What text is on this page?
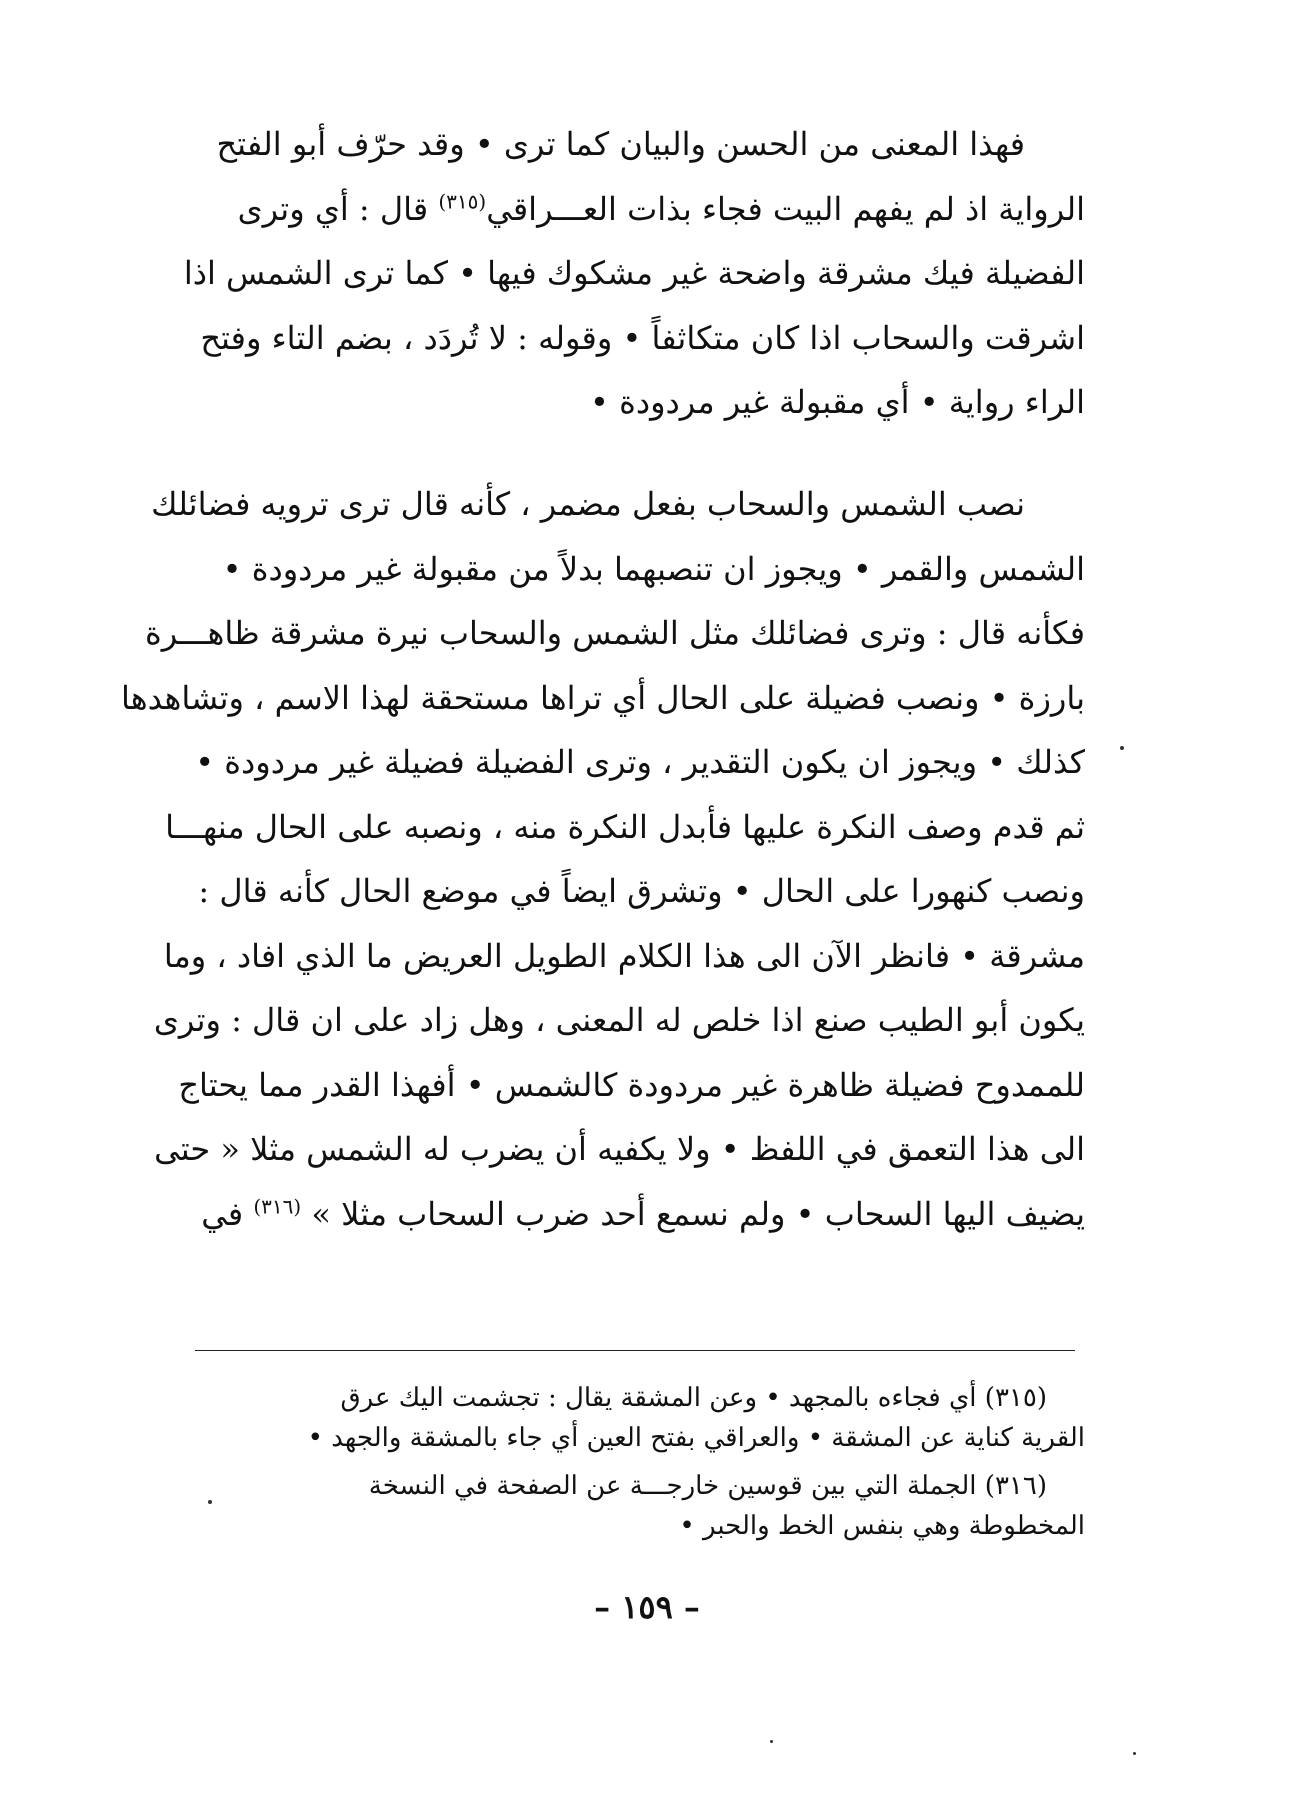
فهذا المعنى من الحسن والبيان كما ترى • وقد حرّف أبو الفتح
الرواية اذ لم يفهم البيت فجاء بذات العـــراقي$^{(٣١٥)}$ قال : أي وترى
الفضيلة فيك مشرقة واضحة غير مشكوك فيها • كما ترى الشمس اذا
اشرقت والسحاب اذا كان متكاثفاً • وقوله : لا تُردَد ، بضم التاء وفتح
الراء رواية • أي مقبولة غير مردودة •
نصب الشمس والسحاب بفعل مضمر ، كأنه قال ترى ترويه فضائلك
الشمس والقمر • ويجوز ان تنصبهما بدلاً من مقبولة غير مردودة •
فكأنه قال : وترى فضائلك مثل الشمس والسحاب نيرة مشرقة ظاهـــرة
بارزة • ونصب فضيلة على الحال أي تراها مستحقة لهذا الاسم ، وتشاهدها
كذلك • ويجوز ان يكون التقدير ، وترى الفضيلة فضيلة غير مردودة •
ثم قدم وصف النكرة عليها فأبدل النكرة منه ، ونصبه على الحال منهـــا
ونصب كنهورا على الحال • وتشرق ايضاً في موضع الحال كأنه قال :
مشرقة • فانظر الآن الى هذا الكلام الطويل العريض ما الذي افاد ، وما
يكون أبو الطيب صنع اذا خلص له المعنى ، وهل زاد على ان قال : وترى
للممدوح فضيلة ظاهرة غير مردودة كالشمس • أفهذا القدر مما يحتاج
الى هذا التعمق في اللفظ • ولا يكفيه أن يضرب له الشمس مثلا « حتى
يضيف اليها السحاب • ولم نسمع أحد ضرب السحاب مثلا » $^{(٣١٦)}$ في
(٣١٥) أي فجاءه بالمجهد • وعن المشقة يقال : تجشمت اليك عرق
القرية كناية عن المشقة • والعراقي بفتح العين أي جاء بالمشقة والجهد •
(٣١٦) الجملة التي بين قوسين خارجـــة عن الصفحة في النسخة
المخطوطة وهي بنفس الخط والحبر •
– ١٥٩ –
